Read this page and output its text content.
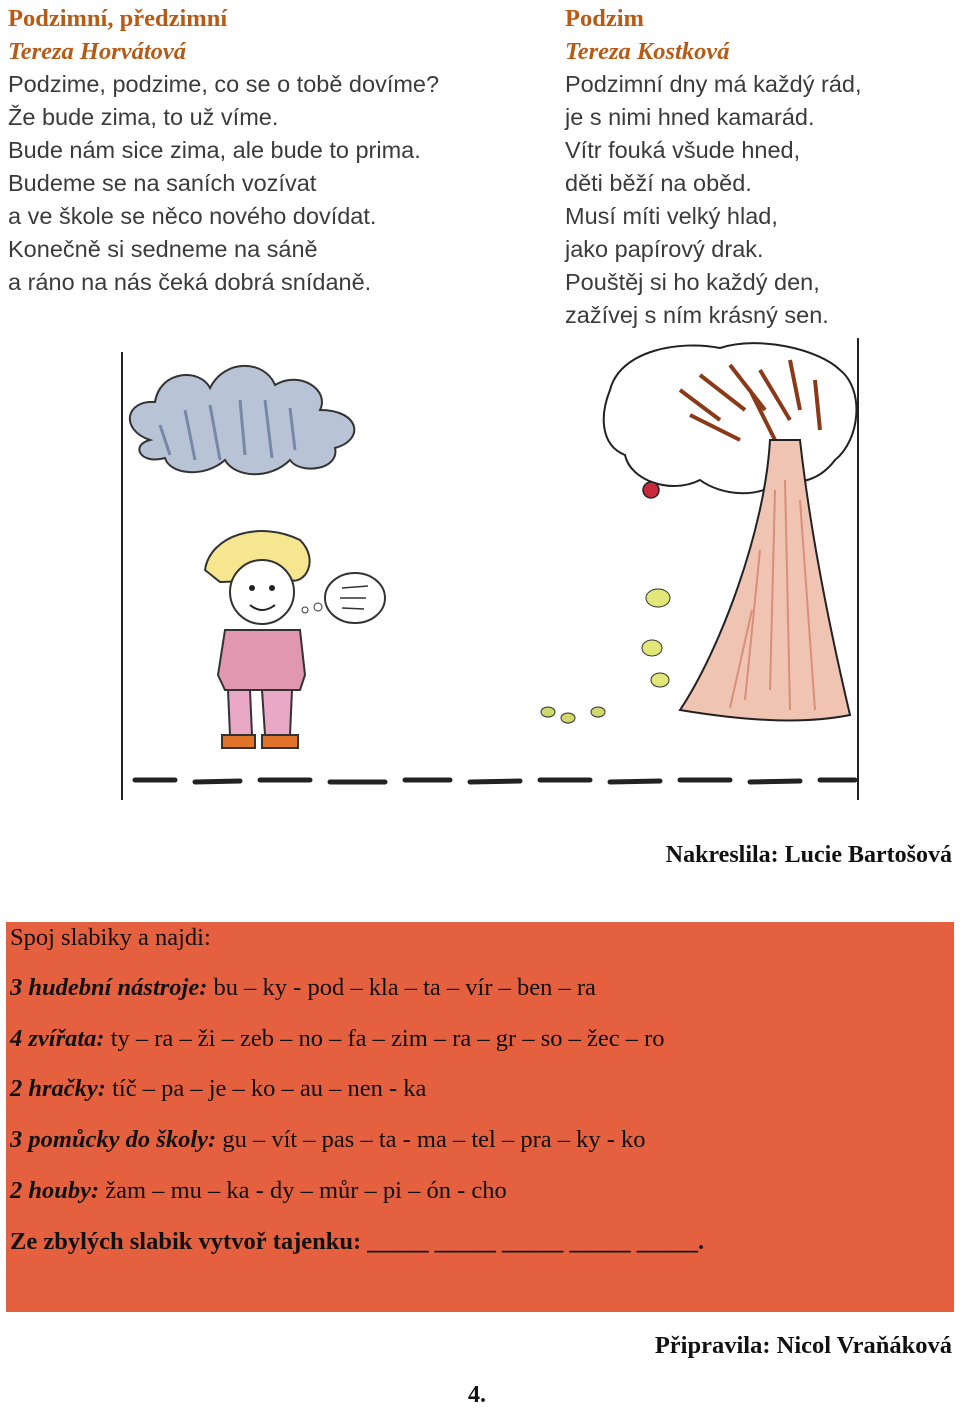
Podzimní, předzimní
Tereza Horvátová
Podzime, podzime, co se o tobě dovíme?
Že bude zima, to už víme.
Bude nám sice zima, ale bude to prima.
Budeme se na saních vozívat
a ve škole se něco nového dovídat.
Konečně si sedneme na sáně
a ráno na nás čeká dobrá snídaně.
Podzim
Tereza Kostková
Podzimní dny má každý rád,
je s nimi hned kamarád.
Vítr fouká všude hned,
děti běží na oběd.
Musí míti velký hlad,
jako papírový drak.
Pouštěj si ho každý den,
zažívej s ním krásný sen.
Nakreslila: Lucie Bartošová
Spoj slabiky a najdi:
3 hudební nástroje: bu – ky - pod – kla – ta – vír – ben – ra
4 zvířata: ty – ra – ži – zeb – no – fa – zim – ra – gr – so – žec – ro
2 hračky: tíč – pa – je – ko – au – nen - ka
3 pomůcky do školy: gu – vít – pas – ta - ma – tel – pra – ky - ko
2 houby: žam – mu – ka - dy – můr – pi – ón - cho
Ze zbylých slabik vytvoř tajenku: _____ _____ _____ _____ _____.
Připravila: Nicol Vraňáková
4.
